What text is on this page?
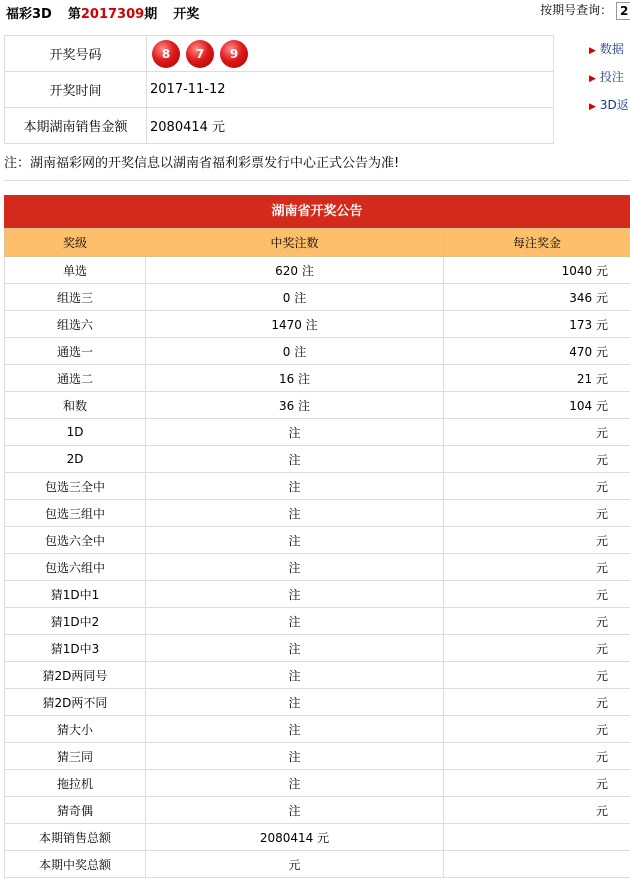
福彩3D 第2017309期 开奖	按期号查询： 2
开奖号码	8 7 9
开奖时间	2017-11-12
本期湖南销售金额	2080414 元
▶ 数据
▶ 投注
▶ 3D返
注：湖南福彩网的开奖信息以湖南省福利彩票发行中心正式公告为准!
湖南省开奖公告
奖级	中奖注数	每注奖金
单选	620 注	1040 元
组选三	0 注	346 元
组选六	1470 注	173 元
通选一	0 注	470 元
通选二	16 注	21 元
和数	36 注	104 元
1D	注	元
2D	注	元
包选三全中	注	元
包选三组中	注	元
包选六全中	注	元
包选六组中	注	元
猜1D中1	注	元
猜1D中2	注	元
猜1D中3	注	元
猜2D两同号	注	元
猜2D两不同	注	元
猜大小	注	元
猜三同	注	元
拖拉机	注	元
猜奇偶	注	元
本期销售总额	2080414 元	
本期中奖总额	元	
